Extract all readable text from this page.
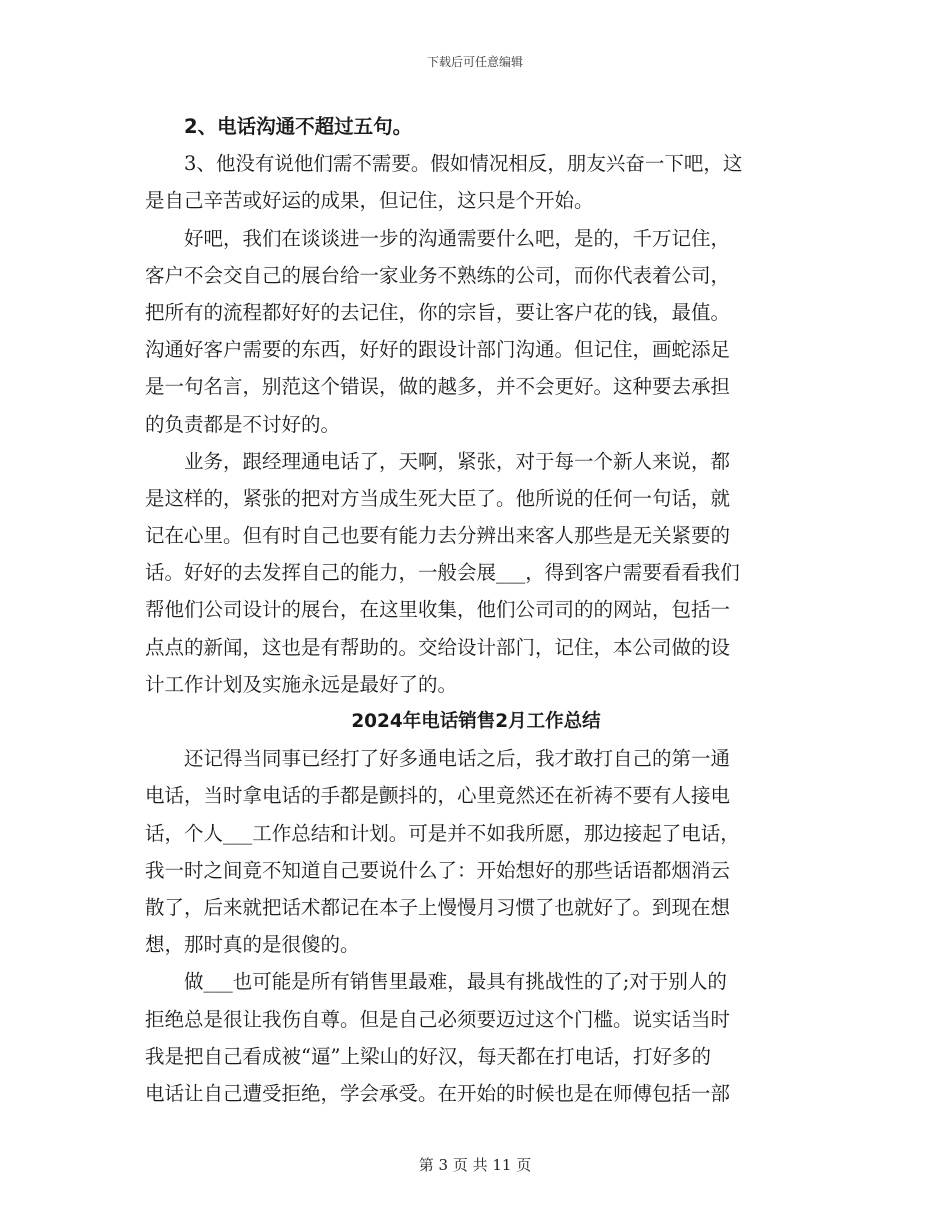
下载后可任意编辑
2、电话沟通不超过五句。
3、他没有说他们需不需要。假如情况相反，朋友兴奋一下吧，这
是自己辛苦或好运的成果，但记住，这只是个开始。
好吧，我们在谈谈进一步的沟通需要什么吧，是的，千万记住，
客户不会交自己的展台给一家业务不熟练的公司，而你代表着公司，
把所有的流程都好好的去记住，你的宗旨，要让客户花的钱，最值。
沟通好客户需要的东西，好好的跟设计部门沟通。但记住，画蛇添足
是一句名言，别范这个错误，做的越多，并不会更好。这种要去承担
的负责都是不讨好的。
业务，跟经理通电话了，天啊，紧张，对于每一个新人来说，都
是这样的，紧张的把对方当成生死大臣了。他所说的任何一句话，就
记在心里。但有时自己也要有能力去分辨出来客人那些是无关紧要的
话。好好的去发挥自己的能力，一般会展___，得到客户需要看看我们
帮他们公司设计的展台，在这里收集，他们公司司的的网站，包括一
点点的新闻，这也是有帮助的。交给设计部门，记住，本公司做的设
计工作计划及实施永远是最好了的。
2024年电话销售2月工作总结
还记得当同事已经打了好多通电话之后，我才敢打自己的第一通
电话，当时拿电话的手都是颤抖的，心里竟然还在祈祷不要有人接电
话，个人___工作总结和计划。可是并不如我所愿，那边接起了电话，
我一时之间竟不知道自己要说什么了：开始想好的那些话语都烟消云
散了，后来就把话术都记在本子上慢慢月习惯了也就好了。到现在想
想，那时真的是很傻的。
做___也可能是所有销售里最难，最具有挑战性的了;对于别人的
拒绝总是很让我伤自尊。但是自己必须要迈过这个门槛。说实话当时
我是把自己看成被“逼”上梁山的好汉，每天都在打电话，打好多的
电话让自己遭受拒绝，学会承受。在开始的时候也是在师傅包括一部
第 3 页 共 11 页
